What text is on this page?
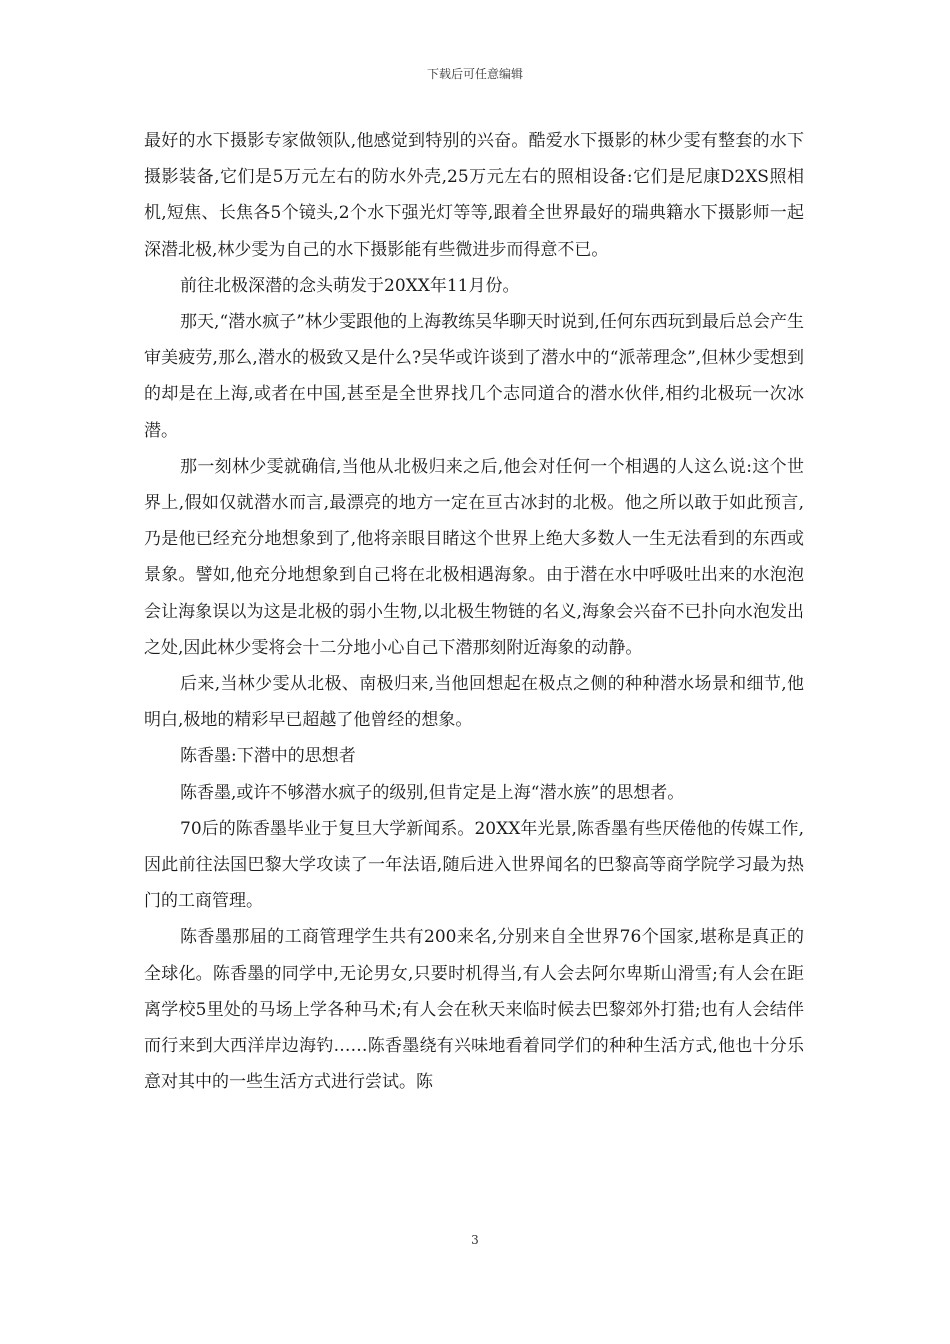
下载后可任意编辑

最好的水下摄影专家做领队,他感觉到特别的兴奋。酷爱水下摄影的林少雯有整套的水下摄影装备,它们是5万元左右的防水外壳,25万元左右的照相设备:它们是尼康D2XS照相机,短焦、长焦各5个镜头,2个水下强光灯等等,跟着全世界最好的瑞典籍水下摄影师一起深潜北极,林少雯为自己的水下摄影能有些微进步而得意不已。

前往北极深潜的念头萌发于20XX年11月份。

那天,“潜水疯子”林少雯跟他的上海教练吴华聊天时说到,任何东西玩到最后总会产生审美疲劳,那么,潜水的极致又是什么?吴华或许谈到了潜水中的“派蒂理念”,但林少雯想到的却是在上海,或者在中国,甚至是全世界找几个志同道合的潜水伙伴,相约北极玩一次冰潜。

那一刻林少雯就确信,当他从北极归来之后,他会对任何一个相遇的人这么说:这个世界上,假如仅就潜水而言,最漂亮的地方一定在亘古冰封的北极。他之所以敢于如此预言,乃是他已经充分地想象到了,他将亲眼目睹这个世界上绝大多数人一生无法看到的东西或景象。譬如,他充分地想象到自己将在北极相遇海象。由于潜在水中呼吸吐出来的水泡泡会让海象误以为这是北极的弱小生物,以北极生物链的名义,海象会兴奋不已扑向水泡发出之处,因此林少雯将会十二分地小心自己下潜那刻附近海象的动静。

后来,当林少雯从北极、南极归来,当他回想起在极点之侧的种种潜水场景和细节,他明白,极地的精彩早已超越了他曾经的想象。

陈香墨:下潜中的思想者

陈香墨,或许不够潜水疯子的级别,但肯定是上海“潜水族”的思想者。

70后的陈香墨毕业于复旦大学新闻系。20XX年光景,陈香墨有些厌倦他的传媒工作,因此前往法国巴黎大学攻读了一年法语,随后进入世界闻名的巴黎高等商学院学习最为热门的工商管理。

陈香墨那届的工商管理学生共有200来名,分别来自全世界76个国家,堪称是真正的全球化。陈香墨的同学中,无论男女,只要时机得当,有人会去阿尔卑斯山滑雪;有人会在距离学校5里处的马场上学各种马术;有人会在秋天来临时候去巴黎郊外打猎;也有人会结伴而行来到大西洋岸边海钓……陈香墨绕有兴味地看着同学们的种种生活方式,他也十分乐意对其中的一些生活方式进行尝试。陈

3
